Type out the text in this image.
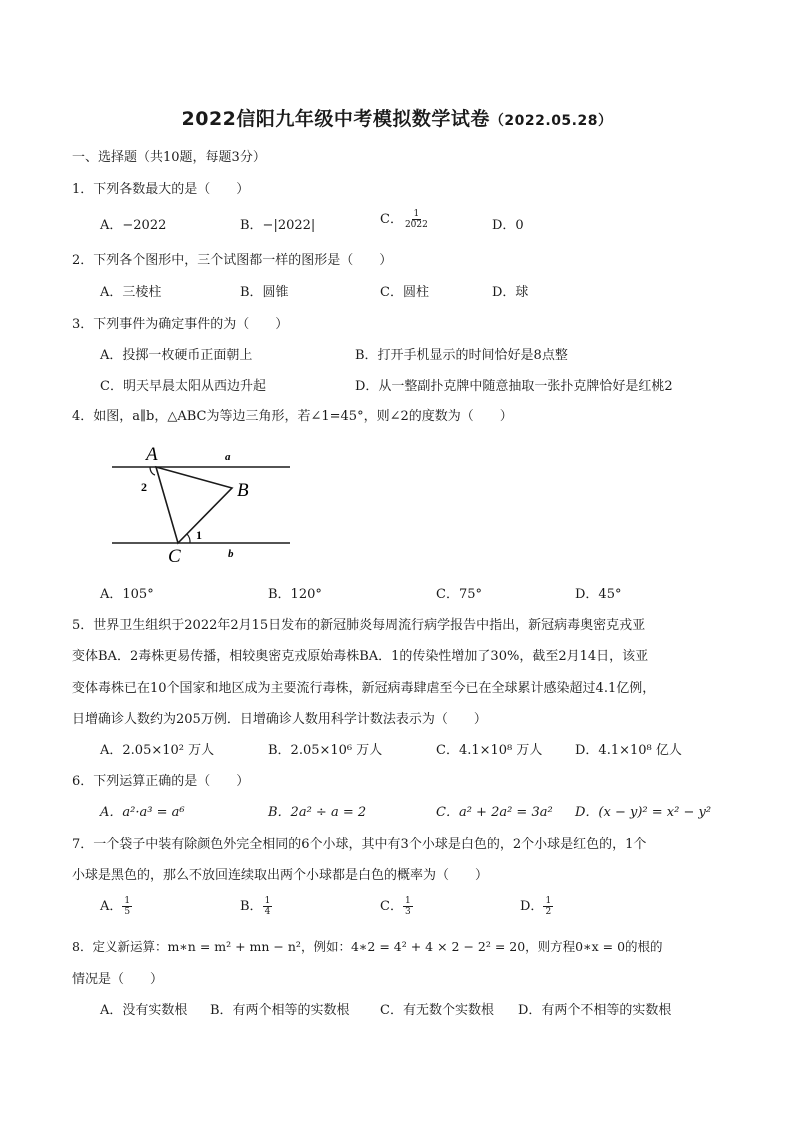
2022信阳九年级中考模拟数学试卷（2022.05.28）
一、选择题（共10题，每题3分）
1．下列各数最大的是（　　）
A．−2022	B．−|2022|	C． $\frac{1}{2022}$	D．0
2．下列各个图形中，三个试图都一样的图形是（　　）
A．三棱柱	B．圆锥	C．圆柱	D．球
3．下列事件为确定事件的为（　　）
A．投掷一枚硬币正面朝上	B．打开手机显示的时间恰好是8点整
C．明天早晨太阳从西边升起	D．从一整副扑克牌中随意抽取一张扑克牌恰好是红桃2
4．如图，a∥b，△ABC为等边三角形，若∠1=45°，则∠2的度数为（　　）
A
B
C
a
b
2
1
A．105°	B．120°	C．75°	D．45°
5．世界卫生组织于2022年2月15日发布的新冠肺炎每周流行病学报告中指出，新冠病毒奥密克戎亚
变体BA．2毒株更易传播，相较奥密克戎原始毒株BA．1的传染性增加了30%，截至2月14日，该亚
变体毒株已在10个国家和地区成为主要流行毒株，新冠病毒肆虐至今已在全球累计感染超过4.1亿例，
日增确诊人数约为205万例．日增确诊人数用科学计数法表示为（　　）
A．2.05×10² 万人	B．2.05×10⁶ 万人	C．4.1×10⁸ 万人	D．4.1×10⁸ 亿人
6．下列运算正确的是（　　）
A．a²·a³ = a⁶	B．2a² ÷ a = 2	C．a² + 2a² = 3a² D．(x − y)² = x² − y²
7．一个袋子中装有除颜色外完全相同的6个小球，其中有3个小球是白色的，2个小球是红色的，1个
小球是黑色的，那么不放回连续取出两个小球都是白色的概率为（　　）
A． $\frac{1}{5}$	B． $\frac{1}{4}$	C． $\frac{1}{3}$	D． $\frac{1}{2}$
8．定义新运算：m∗n = m² + mn − n²，例如：4∗2 = 4² + 4 × 2 − 2² = 20，则方程0∗x = 0的根的
情况是（　　）
A．没有实数根 B．有两个相等的实数根 C．有无数个实数根 D．有两个不相等的实数根
